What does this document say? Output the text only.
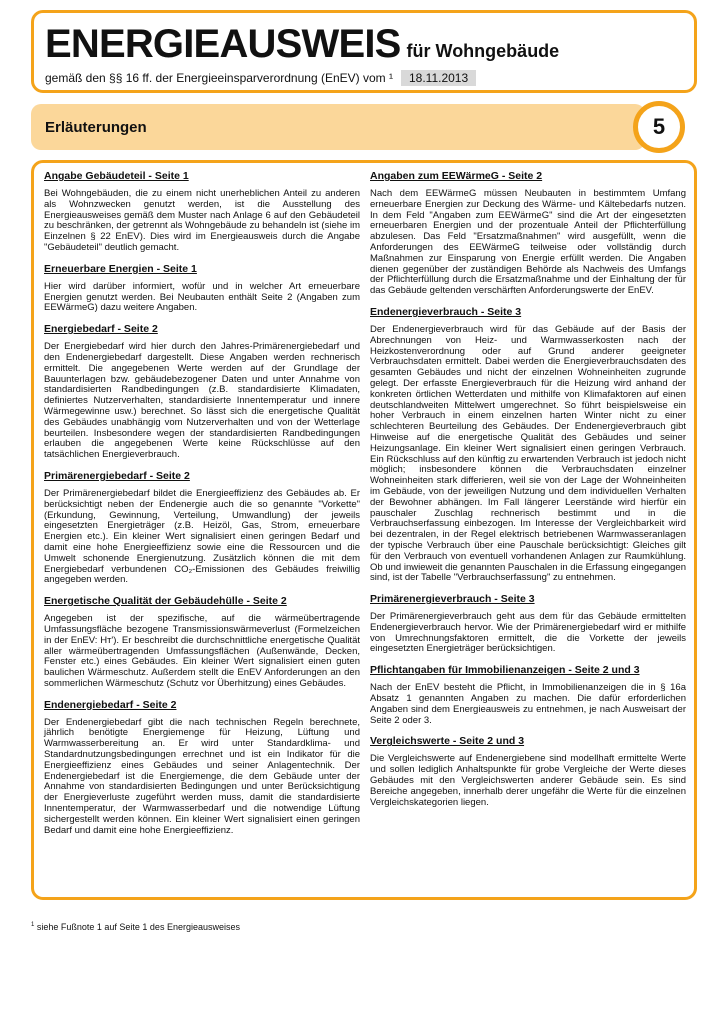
ENERGIEAUSWEIS für Wohngebäude
gemäß den §§ 16 ff. der Energieeinsparverordnung (EnEV) vom ¹ 18.11.2013
Erläuterungen	5
Angabe Gebäudeteil - Seite 1
Bei Wohngebäuden, die zu einem nicht unerheblichen Anteil zu anderen als Wohnzwecken genutzt werden, ist die Ausstellung des Energieausweises gemäß dem Muster nach Anlage 6 auf den Gebäudeteil zu beschränken, der getrennt als Wohngebäude zu behandeln ist (siehe im Einzelnen § 22 EnEV). Dies wird im Energieausweis durch die Angabe "Gebäudeteil" deutlich gemacht.
Erneuerbare Energien - Seite 1
Hier wird darüber informiert, wofür und in welcher Art erneuerbare Energien genutzt werden. Bei Neubauten enthält Seite 2 (Angaben zum EEWärmeG) dazu weitere Angaben.
Energiebedarf - Seite 2
Der Energiebedarf wird hier durch den Jahres-Primärenergiebedarf und den Endenergiebedarf dargestellt. Diese Angaben werden rechnerisch ermittelt. Die angegebenen Werte werden auf der Grundlage der Bauunterlagen bzw. gebäudebezogener Daten und unter Annahme von standardisierten Randbedingungen (z.B. standardisierte Klimadaten, definiertes Nutzerverhalten, standardisierte Innentemperatur und innere Wärmegewinne usw.) berechnet. So lässt sich die energetische Qualität des Gebäudes unabhängig vom Nutzerverhalten und von der Wetterlage beurteilen. Insbesondere wegen der standardisierten Randbedingungen erlauben die angegebenen Werte keine Rückschlüsse auf den tatsächlichen Energieverbrauch.
Primärenergiebedarf - Seite 2
Der Primärenergiebedarf bildet die Energieeffizienz des Gebäudes ab. Er berücksichtigt neben der Endenergie auch die so genannte "Vorkette" (Erkundung, Gewinnung, Verteilung, Umwandlung) der jeweils eingesetzten Energieträger (z.B. Heizöl, Gas, Strom, erneuerbare Energien etc.). Ein kleiner Wert signalisiert einen geringen Bedarf und damit eine hohe Energieeffizienz sowie eine die Ressourcen und die Umwelt schonende Energienutzung. Zusätzlich können die mit dem Energiebedarf verbundenen CO₂-Emissionen des Gebäudes freiwillig angegeben werden.
Energetische Qualität der Gebäudehülle - Seite 2
Angegeben ist der spezifische, auf die wärmeübertragende Umfassungsfläche bezogene Transmissionswärmeverlust (Formelzeichen in der EnEV: Hᴛ'). Er beschreibt die durchschnittliche energetische Qualität aller wärmeübertragenden Umfassungsflächen (Außenwände, Decken, Fenster etc.) eines Gebäudes. Ein kleiner Wert signalisiert einen guten baulichen Wärmeschutz. Außerdem stellt die EnEV Anforderungen an den sommerlichen Wärmeschutz (Schutz vor Überhitzung) eines Gebäudes.
Endenergiebedarf - Seite 2
Der Endenergiebedarf gibt die nach technischen Regeln berechnete, jährlich benötigte Energiemenge für Heizung, Lüftung und Warmwasserbereitung an. Er wird unter Standardklima- und Standardnutzungsbedingungen errechnet und ist ein Indikator für die Energieeffizienz eines Gebäudes und seiner Anlagentechnik. Der Endenergiebedarf ist die Energiemenge, die dem Gebäude unter der Annahme von standardisierten Bedingungen und unter Berücksichtigung der Energieverluste zugeführt werden muss, damit die standardisierte Innentemperatur, der Warmwasserbedarf und die notwendige Lüftung sichergestellt werden können. Ein kleiner Wert signalisiert einen geringen Bedarf und damit eine hohe Energieeffizienz.
Angaben zum EEWärmeG - Seite 2
Nach dem EEWärmeG müssen Neubauten in bestimmtem Umfang erneuerbare Energien zur Deckung des Wärme- und Kältebedarfs nutzen. In dem Feld "Angaben zum EEWärmeG" sind die Art der eingesetzten erneuerbaren Energien und der prozentuale Anteil der Pflichterfüllung abzulesen. Das Feld "Ersatzmaßnahmen" wird ausgefüllt, wenn die Anforderungen des EEWärmeG teilweise oder vollständig durch Maßnahmen zur Einsparung von Energie erfüllt werden. Die Angaben dienen gegenüber der zuständigen Behörde als Nachweis des Umfangs der Pflichterfüllung durch die Ersatzmaßnahme und der Einhaltung der für das Gebäude geltenden verschärften Anforderungswerte der EnEV.
Endenergieverbrauch - Seite 3
Der Endenergieverbrauch wird für das Gebäude auf der Basis der Abrechnungen von Heiz- und Warmwasserkosten nach der Heizkostenverordnung oder auf Grund anderer geeigneter Verbrauchsdaten ermittelt. Dabei werden die Energieverbrauchsdaten des gesamten Gebäudes und nicht der einzelnen Wohneinheiten zugrunde gelegt. Der erfasste Energieverbrauch für die Heizung wird anhand der konkreten örtlichen Wetterdaten und mithilfe von Klimafaktoren auf einen deutschlandweiten Mittelwert umgerechnet. So führt beispielsweise ein hoher Verbrauch in einem einzelnen harten Winter nicht zu einer schlechteren Beurteilung des Gebäudes. Der Endenergieverbrauch gibt Hinweise auf die energetische Qualität des Gebäudes und seiner Heizungsanlage. Ein kleiner Wert signalisiert einen geringen Verbrauch. Ein Rückschluss auf den künftig zu erwartenden Verbrauch ist jedoch nicht möglich; insbesondere können die Verbrauchsdaten einzelner Wohneinheiten stark differieren, weil sie von der Lage der Wohneinheiten im Gebäude, von der jeweiligen Nutzung und dem individuellen Verhalten der Bewohner abhängen. Im Fall längerer Leerstände wird hierfür ein pauschaler Zuschlag rechnerisch bestimmt und in die Verbrauchserfassung einbezogen. Im Interesse der Vergleichbarkeit wird bei dezentralen, in der Regel elektrisch betriebenen Warmwasseranlagen der typische Verbrauch über eine Pauschale berücksichtigt: Gleiches gilt für den Verbrauch von eventuell vorhandenen Anlagen zur Raumkühlung. Ob und inwieweit die genannten Pauschalen in die Erfassung eingegangen sind, ist der Tabelle "Verbrauchserfassung" zu entnehmen.
Primärenergieverbrauch - Seite 3
Der Primärenergieverbrauch geht aus dem für das Gebäude ermittelten Endenergieverbrauch hervor. Wie der Primärenergiebedarf wird er mithilfe von Umrechnungsfaktoren ermittelt, die die Vorkette der jeweils eingesetzten Energieträger berücksichtigen.
Pflichtangaben für Immobilienanzeigen - Seite 2 und 3
Nach der EnEV besteht die Pflicht, in Immobilienanzeigen die in § 16a Absatz 1 genannten Angaben zu machen. Die dafür erforderlichen Angaben sind dem Energieausweis zu entnehmen, je nach Ausweisart der Seite 2 oder 3.
Vergleichswerte - Seite 2 und 3
Die Vergleichswerte auf Endenergiebene sind modellhaft ermittelte Werte und sollen lediglich Anhaltspunkte für grobe Vergleiche der Werte dieses Gebäudes mit den Vergleichswerten anderer Gebäude sein. Es sind Bereiche angegeben, innerhalb derer ungefähr die Werte für die einzelnen Vergleichskategorien liegen.
$^1$ siehe Fußnote 1 auf Seite 1 des Energieausweises
